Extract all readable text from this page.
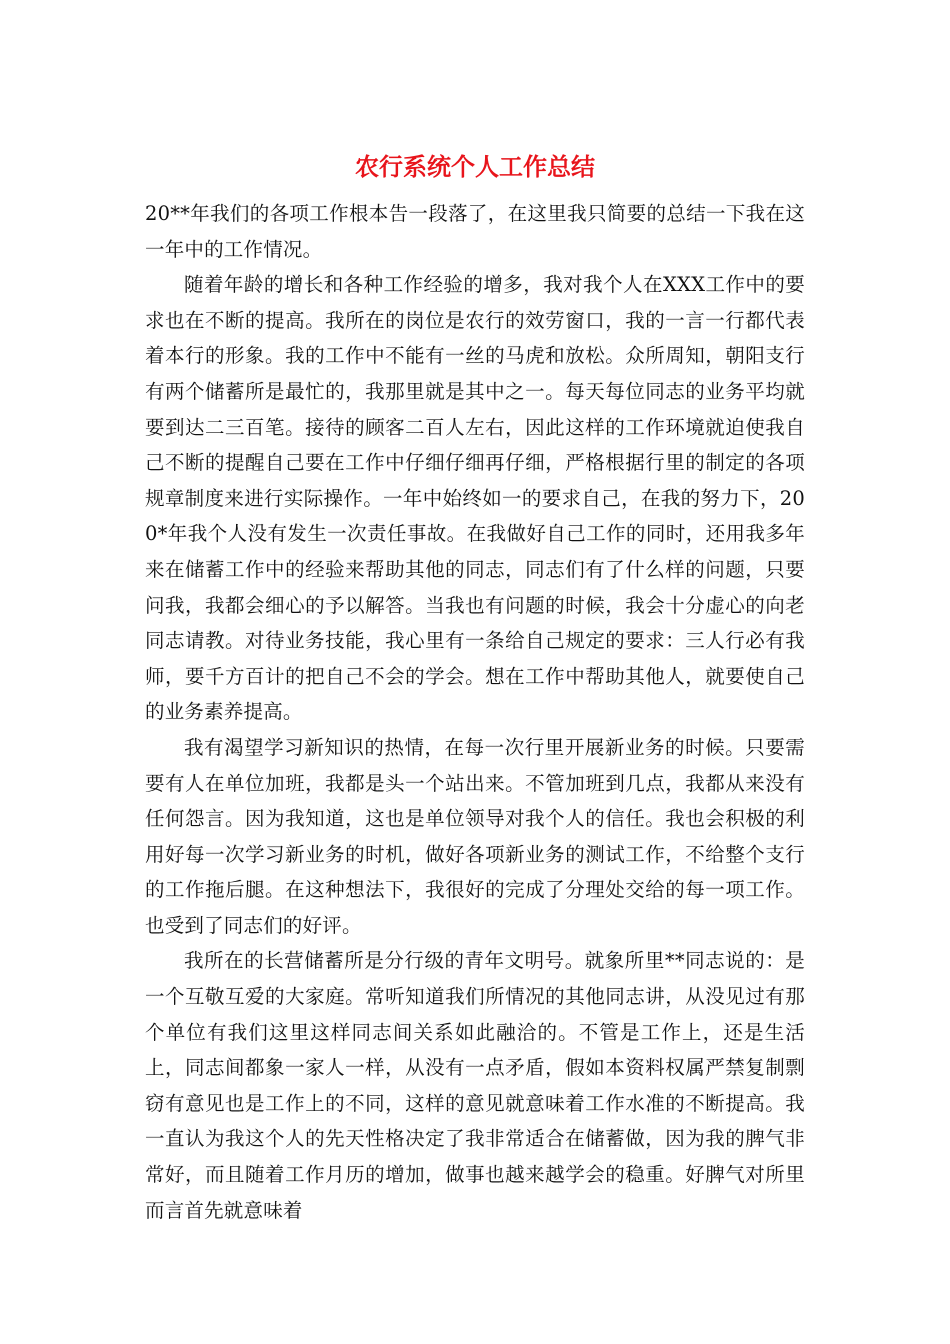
农行系统个人工作总结

20**年我们的各项工作根本告一段落了，在这里我只简要的总结一下我在这一年中的工作情况。

随着年龄的增长和各种工作经验的增多，我对我个人在XXX工作中的要求也在不断的提高。我所在的岗位是农行的效劳窗口，我的一言一行都代表着本行的形象。我的工作中不能有一丝的马虎和放松。众所周知，朝阳支行有两个储蓄所是最忙的，我那里就是其中之一。每天每位同志的业务平均就要到达二三百笔。接待的顾客二百人左右，因此这样的工作环境就迫使我自己不断的提醒自己要在工作中仔细仔细再仔细，严格根据行里的制定的各项规章制度来进行实际操作。一年中始终如一的要求自己，在我的努力下，200*年我个人没有发生一次责任事故。在我做好自己工作的同时，还用我多年来在储蓄工作中的经验来帮助其他的同志，同志们有了什么样的问题，只要问我，我都会细心的予以解答。当我也有问题的时候，我会十分虚心的向老同志请教。对待业务技能，我心里有一条给自己规定的要求：三人行必有我师，要千方百计的把自己不会的学会。想在工作中帮助其他人，就要使自己的业务素养提高。

我有渴望学习新知识的热情，在每一次行里开展新业务的时候。只要需要有人在单位加班，我都是头一个站出来。不管加班到几点，我都从来没有任何怨言。因为我知道，这也是单位领导对我个人的信任。我也会积极的利用好每一次学习新业务的时机，做好各项新业务的测试工作，不给整个支行的工作拖后腿。在这种想法下，我很好的完成了分理处交给的每一项工作。也受到了同志们的好评。

我所在的长营储蓄所是分行级的青年文明号。就象所里**同志说的：是一个互敬互爱的大家庭。常听知道我们所情况的其他同志讲，从没见过有那个单位有我们这里这样同志间关系如此融洽的。不管是工作上，还是生活上，同志间都象一家人一样，从没有一点矛盾，假如本资料权属严禁复制剽窃有意见也是工作上的不同，这样的意见就意味着工作水准的不断提高。我一直认为我这个人的先天性格决定了我非常适合在储蓄做，因为我的脾气非常好，而且随着工作月历的增加，做事也越来越学会的稳重。好脾气对所里而言首先就意味着
